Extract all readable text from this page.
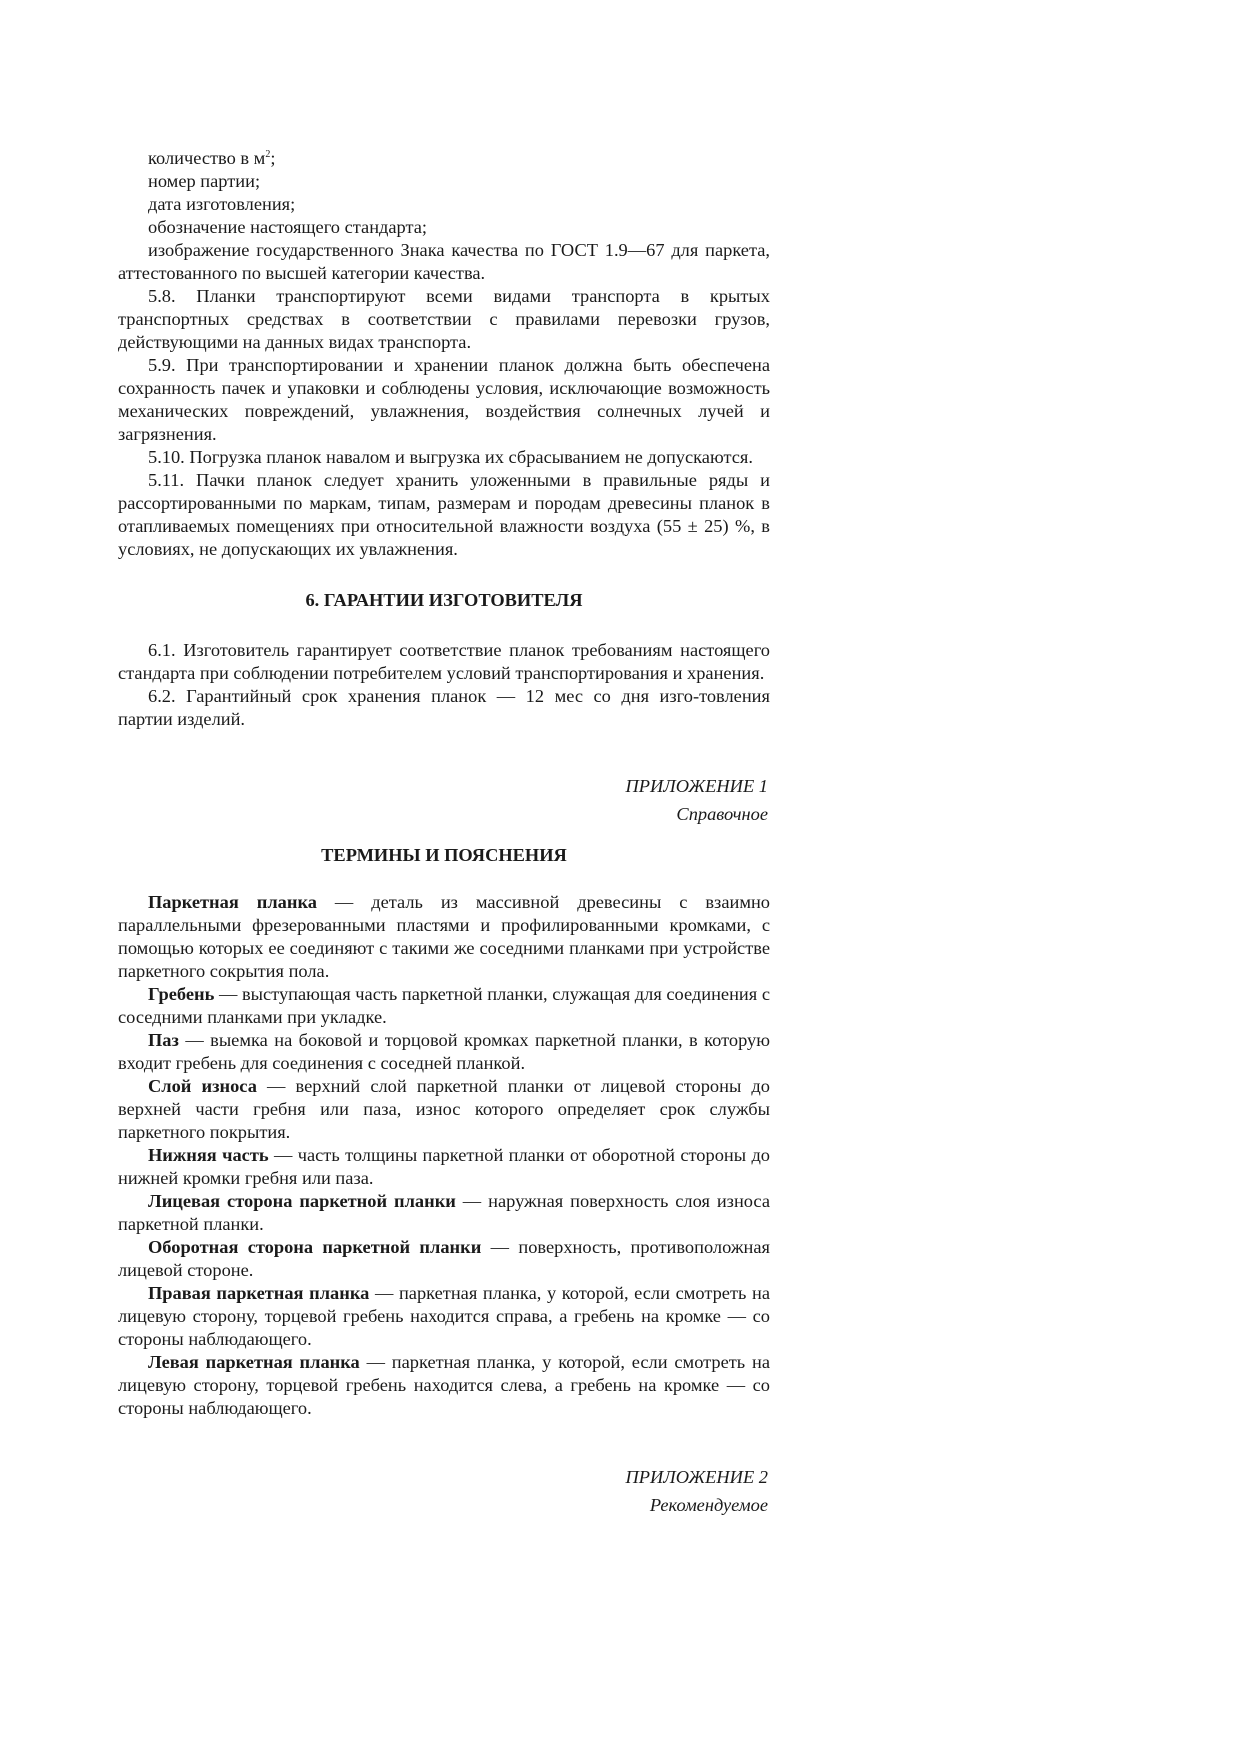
количество в $м^2$;

номер партии;

дата изготовления;

обозначение настоящего стандарта;

изображение государственного Знака качества по ГОСТ 1.9—67 для паркета, аттестованного по высшей категории качества.

5.8. Планки транспортируют всеми видами транспорта в крытых транспортных средствах в соответствии с правилами перевозки грузов, действующими на данных видах транспорта.

5.9. При транспортировании и хранении планок должна быть обеспечена сохранность пачек и упаковки и соблюдены условия, исключающие возможность механических повреждений, увлажнения, воздействия солнечных лучей и загрязнения.

5.10. Погрузка планок навалом и выгрузка их сбрасыванием не допускаются.

5.11. Пачки планок следует хранить уложенными в правильные ряды и рассортированными по маркам, типам, размерам и породам древесины планок в отапливаемых помещениях при относительной влажности воздуха (55 ± 25) %, в условиях, не допускающих их увлажнения.

6. ГАРАНТИИ ИЗГОТОВИТЕЛЯ

6.1. Изготовитель гарантирует соответствие планок требованиям настоящего стандарта при соблюдении потребителем условий транспортирования и хранения.

6.2. Гарантийный срок хранения планок — 12 мес со дня изго-товления партии изделий.

ПРИЛОЖЕНИЕ 1

Справочное

ТЕРМИНЫ И ПОЯСНЕНИЯ

Паркетная планка — деталь из массивной древесины с взаимно параллельными фрезерованными пластями и профилированными кромками, с помощью которых ее соединяют с такими же соседними планками при устройстве паркетного сокрытия пола.

Гребень — выступающая часть паркетной планки, служащая для соединения с соседними планками при укладке.

Паз — выемка на боковой и торцовой кромках паркетной планки, в которую входит гребень для соединения с соседней планкой.

Слой износа — верхний слой паркетной планки от лицевой стороны до верхней части гребня или паза, износ которого определяет срок службы паркетного покрытия.

Нижняя часть — часть толщины паркетной планки от оборотной стороны до нижней кромки гребня или паза.

Лицевая сторона паркетной планки — наружная поверхность слоя износа паркетной планки.

Оборотная сторона паркетной планки — поверхность, противоположная лицевой стороне.

Правая паркетная планка — паркетная планка, у которой, если смотреть на лицевую сторону, торцевой гребень находится справа, а гребень на кромке — со стороны наблюдающего.

Левая паркетная планка — паркетная планка, у которой, если смотреть на лицевую сторону, торцевой гребень находится слева, а гребень на кромке — со стороны наблюдающего.

ПРИЛОЖЕНИЕ 2

Рекомендуемое
